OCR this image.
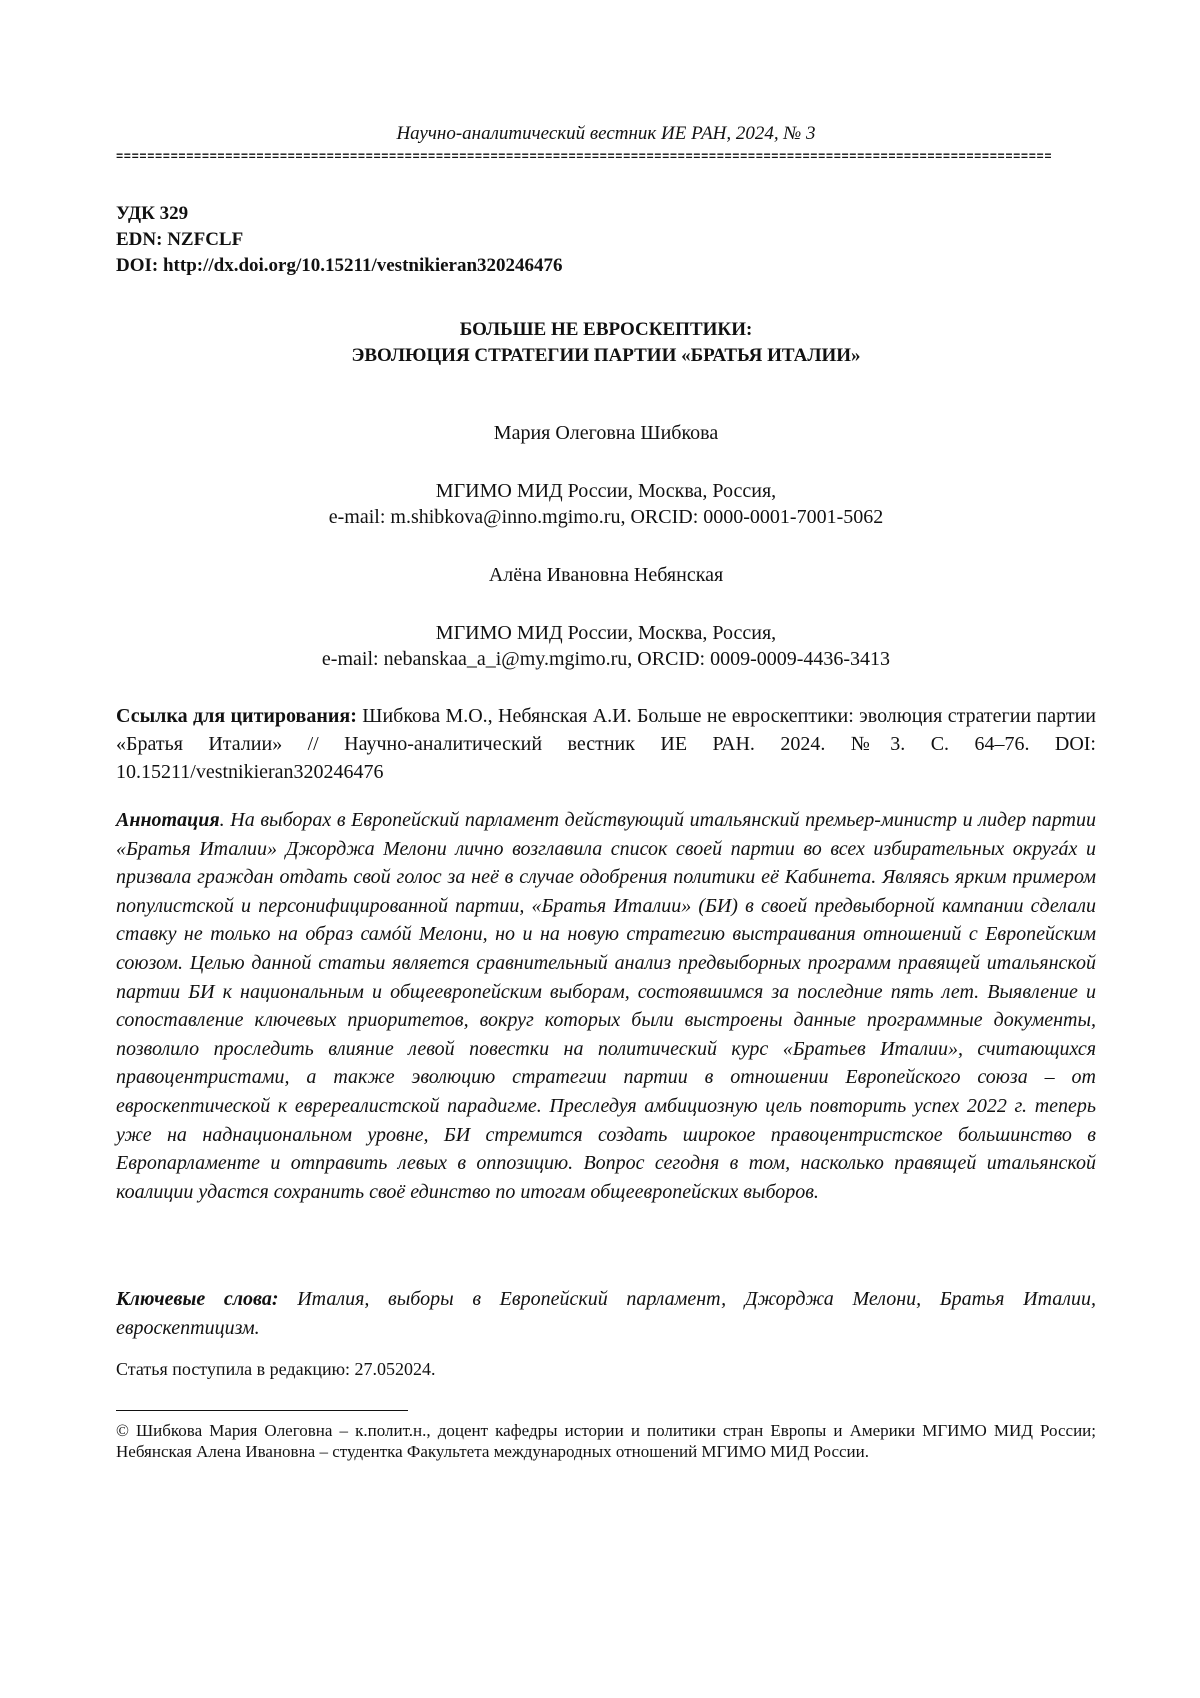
Научно-аналитический вестник ИЕ РАН, 2024, № 3
========================================================================================================================
УДК 329
EDN: NZFCLF
DOI: http://dx.doi.org/10.15211/vestnikieran320246476
БОЛЬШЕ НЕ ЕВРОСКЕПТИКИ:
ЭВОЛЮЦИЯ СТРАТЕГИИ ПАРТИИ «БРАТЬЯ ИТАЛИИ»
Мария Олеговна Шибкова
МГИМО МИД России, Москва, Россия,
e-mail: m.shibkova@inno.mgimo.ru, ORCID: 0000-0001-7001-5062
Алёна Ивановна Небянская
МГИМО МИД России, Москва, Россия,
e-mail: nebanskaa_a_i@my.mgimo.ru, ORCID: 0009-0009-4436-3413
Ссылка для цитирования: Шибкова М.О., Небянская А.И. Больше не евроскептики: эволюция стратегии партии «Братья Италии» // Научно-аналитический вестник ИЕ РАН. 2024. №3. С. 64–76. DOI: 10.15211/vestnikieran320246476
Аннотация. На выборах в Европейский парламент действующий итальянский премьер-министр и лидер партии «Братья Италии» Джорджа Мелони лично возглавила список своей партии во всех избирательных округáх и призвала граждан отдать свой голос за неё в случае одобрения политики её Кабинета. Являясь ярким примером популистской и персонифицированной партии, «Братья Италии» (БИ) в своей предвыборной кампании сделали ставку не только на образ самóй Мелони, но и на новую стратегию выстраивания отношений с Европейским союзом. Целью данной статьи является сравнительный анализ предвыборных программ правящей итальянской партии БИ к национальным и общеевропейским выборам, состоявшимся за последние пять лет. Выявление и сопоставление ключевых приоритетов, вокруг которых были выстроены данные программные документы, позволило проследить влияние левой повестки на политический курс «Братьев Италии», считающихся правоцентристами, а также эволюцию стратегии партии в отношении Европейского союза – от евроскептической к евререалистской парадигме. Преследуя амбициозную цель повторить успех 2022 г. теперь уже на наднациональном уровне, БИ стремится создать широкое правоцентристское большинство в Европарламенте и отправить левых в оппозицию. Вопрос сегодня в том, насколько правящей итальянской коалиции удастся сохранить своё единство по итогам общеевропейских выборов.
Ключевые слова: Италия, выборы в Европейский парламент, Джорджа Мелони, Братья Италии, евроскептицизм.
Статья поступила в редакцию: 27.052024.
© Шибкова Мария Олеговна – к.полит.н., доцент кафедры истории и политики стран Европы и Америки МГИМО МИД России; Небянская Алена Ивановна – студентка Факультета международных отношений МГИМО МИД России.
